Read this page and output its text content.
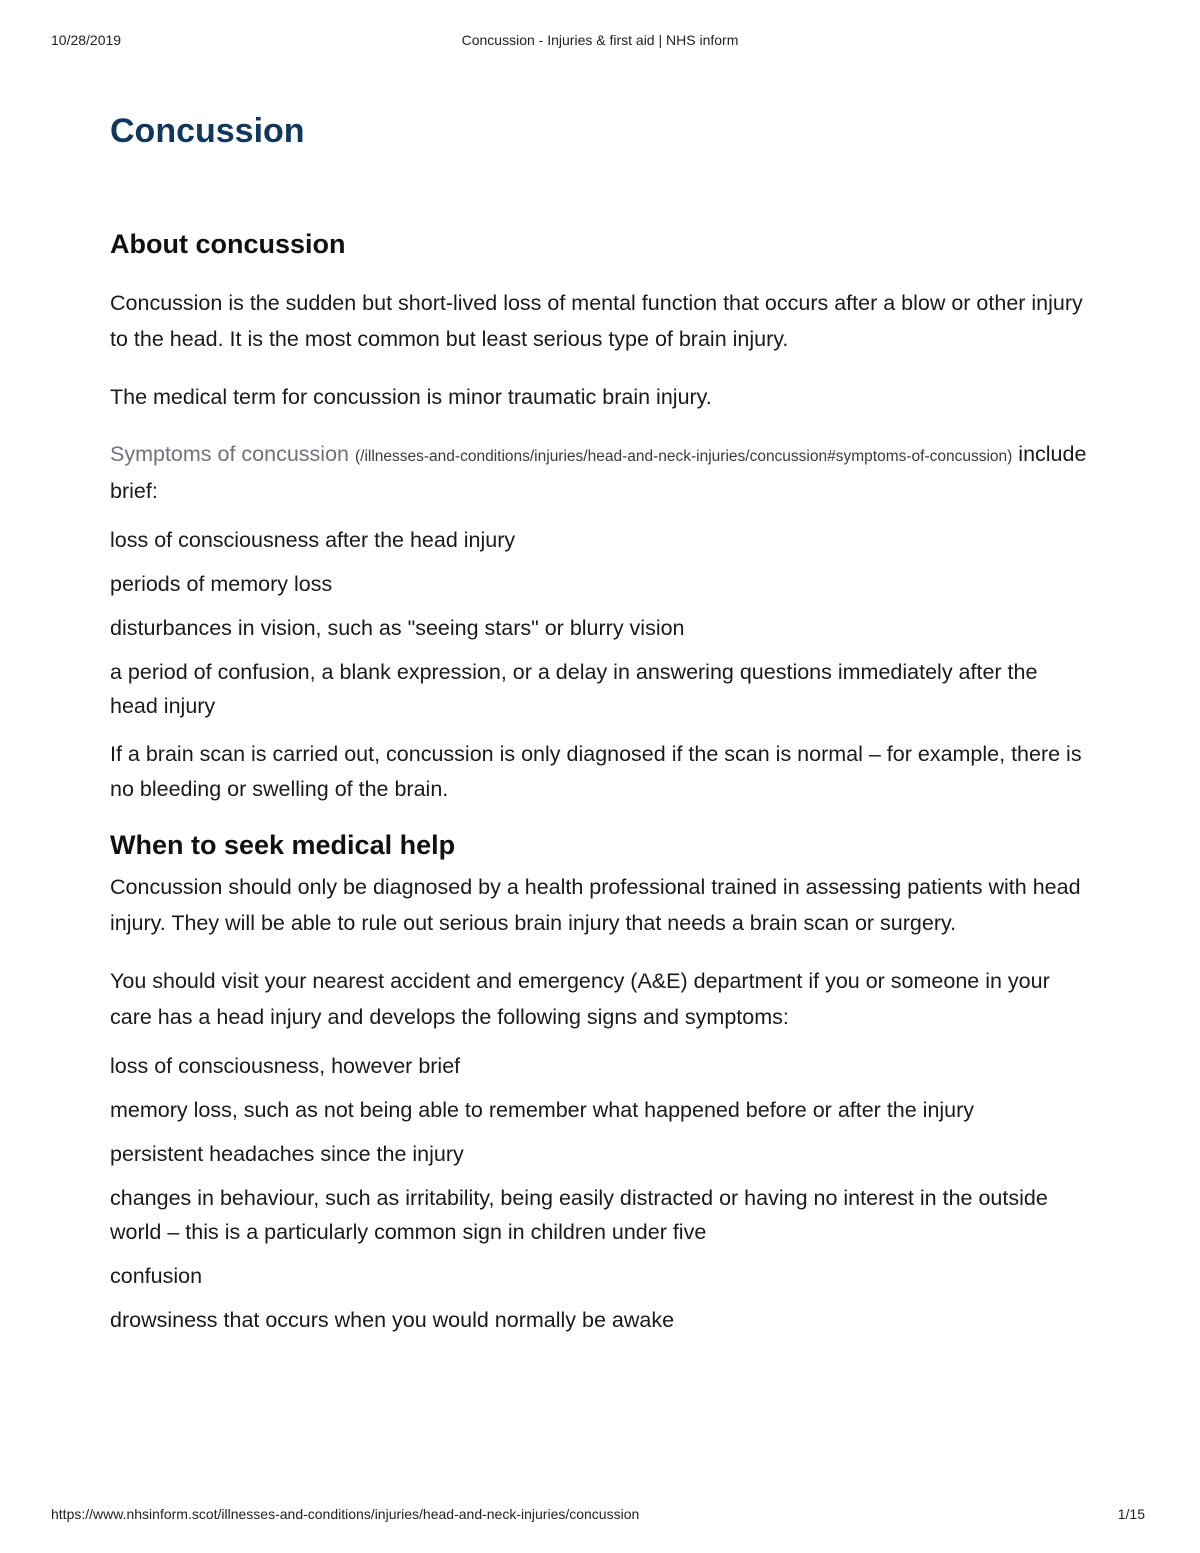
10/28/2019	Concussion - Injuries & first aid | NHS inform
Concussion
About concussion

Concussion is the sudden but short-lived loss of mental function that occurs after a blow or other injury to the head. It is the most common but least serious type of brain injury.

The medical term for concussion is minor traumatic brain injury.

Symptoms of concussion (/illnesses-and-conditions/injuries/head-and-neck-injuries/concussion#symptoms-of-concussion) include brief:

loss of consciousness after the head injury
periods of memory loss
disturbances in vision, such as "seeing stars" or blurry vision
a period of confusion, a blank expression, or a delay in answering questions immediately after the head injury

If a brain scan is carried out, concussion is only diagnosed if the scan is normal – for example, there is no bleeding or swelling of the brain.

When to seek medical help

Concussion should only be diagnosed by a health professional trained in assessing patients with head injury. They will be able to rule out serious brain injury that needs a brain scan or surgery.

You should visit your nearest accident and emergency (A&E) department if you or someone in your care has a head injury and develops the following signs and symptoms:

loss of consciousness, however brief
memory loss, such as not being able to remember what happened before or after the injury
persistent headaches since the injury
changes in behaviour, such as irritability, being easily distracted or having no interest in the outside world – this is a particularly common sign in children under five
confusion
drowsiness that occurs when you would normally be awake
https://www.nhsinform.scot/illnesses-and-conditions/injuries/head-and-neck-injuries/concussion	1/15
